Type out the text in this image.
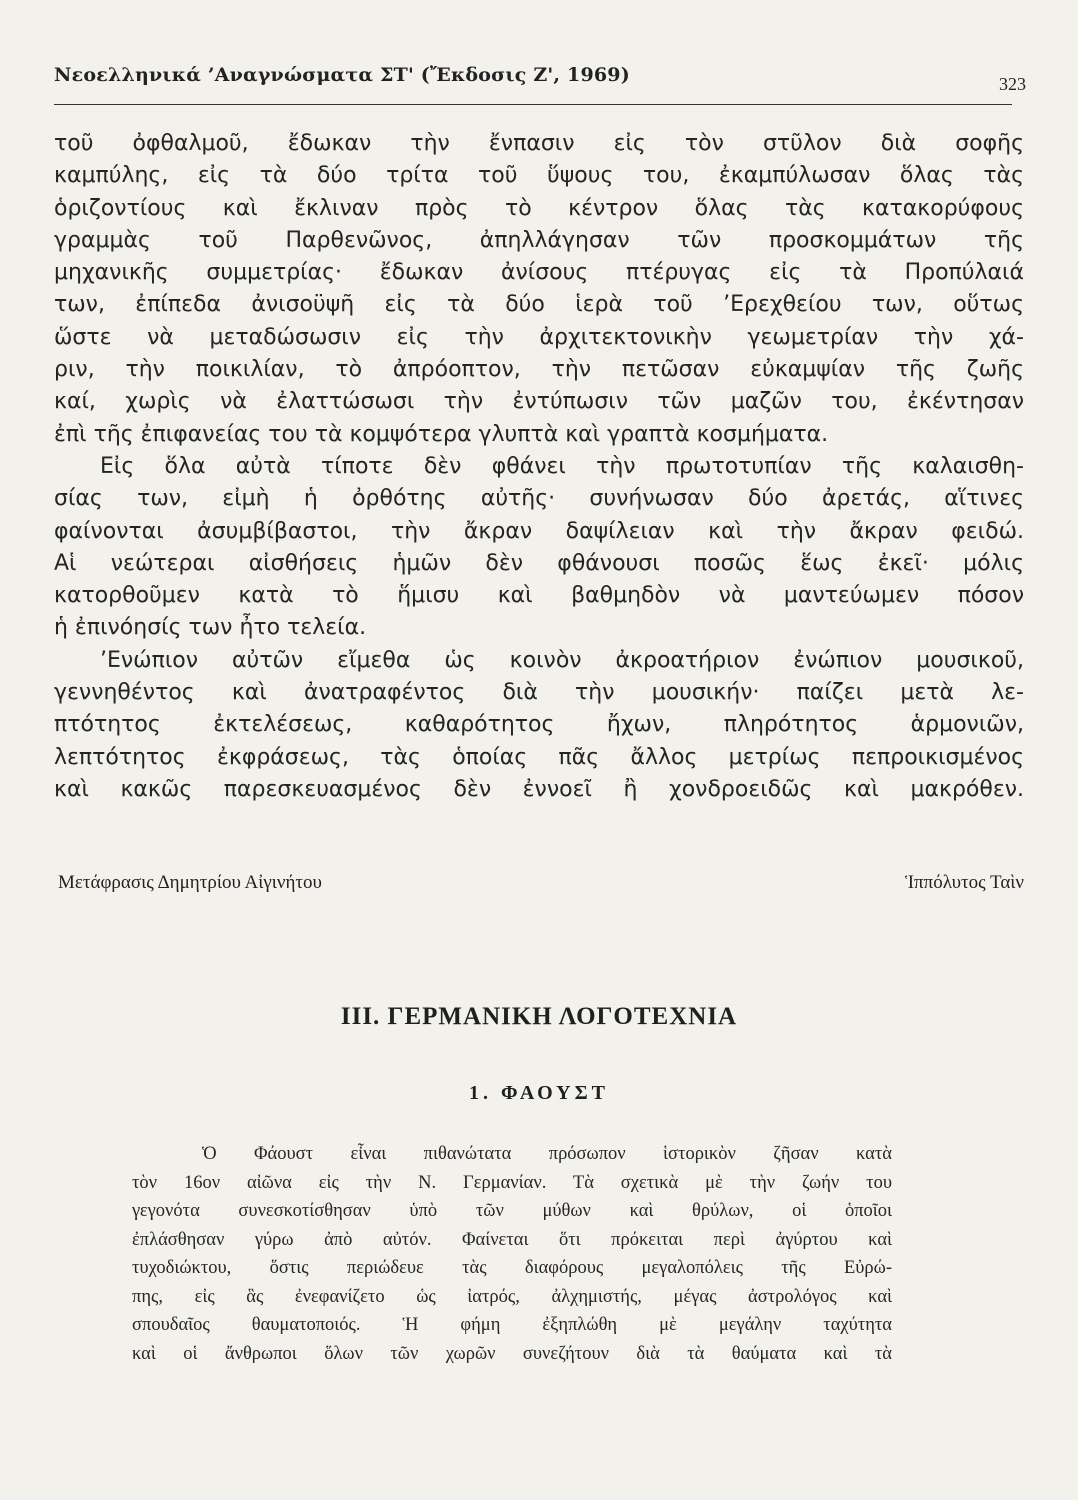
Νεοελληνικά ’Αναγνώσματα ΣΤ' (Ἔκδοσις Ζ', 1969)	323
τοῦ ὀφθαλμοῦ, ἔδωκαν τὴν ἔνπασιν εἰς τὸν στῦλον διὰ σοφῆς
καμπύλης, εἰς τὰ δύο τρίτα τοῦ ὕψους του, ἐκαμπύλωσαν ὅλας τὰς
ὁριζοντίους καὶ ἔκλιναν πρὸς τὸ κέντρον ὅλας τὰς κατακορύφους
γραμμὰς τοῦ Παρθενῶνος, ἀπηλλάγησαν τῶν προσκομμάτων τῆς
μηχανικῆς συμμετρίας· ἔδωκαν ἀνίσους πτέρυγας εἰς τὰ Προπύλαιά
των, ἐπίπεδα ἀνισοϋψῆ εἰς τὰ δύο ἱερὰ τοῦ ’Ερεχθείου των, οὕτως
ὥστε νὰ μεταδώσωσιν εἰς τὴν ἀρχιτεκτονικὴν γεωμετρίαν τὴν χά-
ριν, τὴν ποικιλίαν, τὸ ἀπρόοπτον, τὴν πετῶσαν εὐκαμψίαν τῆς ζωῆς
καί, χωρὶς νὰ ἐλαττώσωσι τὴν ἐντύπωσιν τῶν μαζῶν του, ἐκέντησαν
ἐπὶ τῆς ἐπιφανείας του τὰ κομψότερα γλυπτὰ καὶ γραπτὰ κοσμήματα.
Εἰς ὅλα αὐτὰ τίποτε δὲν φθάνει τὴν πρωτοτυπίαν τῆς καλαισθη-
σίας των, εἰμὴ ἡ ὀρθότης αὐτῆς· συνήνωσαν δύο ἀρετάς, αἵτινες
φαίνονται ἀσυμβίβαστοι, τὴν ἄκραν δαψίλειαν καὶ τὴν ἄκραν φειδώ.
Αἱ νεώτεραι αἰσθήσεις ἡμῶν δὲν φθάνουσι ποσῶς ἕως ἐκεῖ· μόλις
κατορθοῦμεν κατὰ τὸ ἥμισυ καὶ βαθμηδὸν νὰ μαντεύωμεν πόσον
ἡ ἐπινόησίς των ἦτο τελεία.
’Ενώπιον αὐτῶν εἴμεθα ὡς κοινὸν ἀκροατήριον ἐνώπιον μουσικοῦ,
γεννηθέντος καὶ ἀνατραφέντος διὰ τὴν μουσικήν· παίζει μετὰ λε-
πτότητος ἐκτελέσεως, καθαρότητος ἤχων, πληρότητος ἁρμονιῶν,
λεπτότητος ἐκφράσεως, τὰς ὁποίας πᾶς ἄλλος μετρίως πεπροικισμένος
καὶ κακῶς παρεσκευασμένος δὲν ἐννοεῖ ἢ χονδροειδῶς καὶ μακρόθεν.
Μετάφρασις Δημητρίου Αἰγινήτου	Ἱππόλυτος Ταὶν
III. ΓΕΡΜΑΝΙΚΗ ΛΟΓΟΤΕΧΝΙΑ
1. ΦΑΟΥΣΤ
Ὁ Φάουστ εἶναι πιθανώτατα πρόσωπον ἱστορικὸν ζῆσαν κατὰ
τὸν 16ον αἰῶνα εἰς τὴν Ν. Γερμανίαν. Τὰ σχετικὰ μὲ τὴν ζωήν του
γεγονότα συνεσκοτίσθησαν ὑπὸ τῶν μύθων καὶ θρύλων, οἱ ὁποῖοι
ἐπλάσθησαν γύρω ἀπὸ αὐτόν. Φαίνεται ὅτι πρόκειται περὶ ἀγύρτου καὶ
τυχοδιώκτου, ὅστις περιώδευε τὰς διαφόρους μεγαλοπόλεις τῆς Εὐρώ-
πης, εἰς ἃς ἐνεφανίζετο ὡς ἰατρός, ἀλχημιστής, μέγας ἀστρολόγος καὶ
σπουδαῖος θαυματοποιός. Ἡ φήμη ἐξηπλώθη μὲ μεγάλην ταχύτητα
καὶ οἱ ἄνθρωποι ὅλων τῶν χωρῶν συνεζήτουν διὰ τὰ θαύματα καὶ τὰ
